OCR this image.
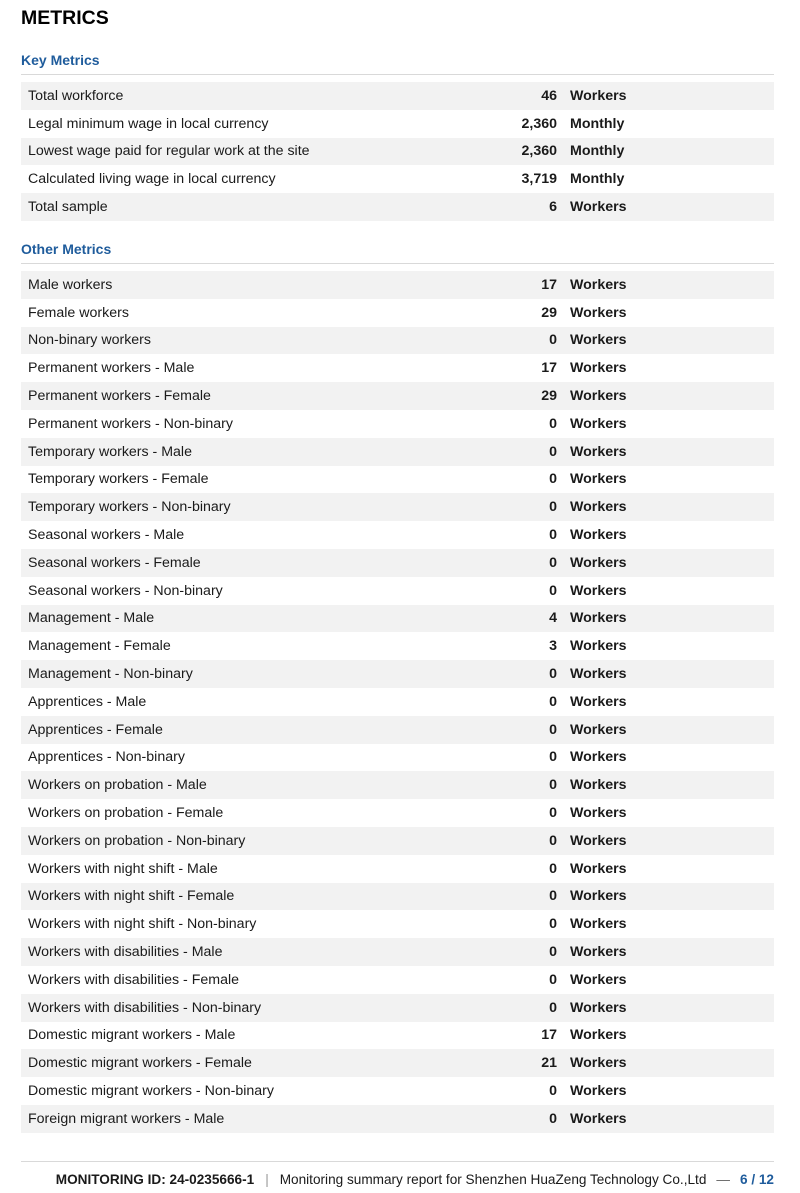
METRICS
Key Metrics
Total workforce	46 Workers
Legal minimum wage in local currency	2,360 Monthly
Lowest wage paid for regular work at the site	2,360 Monthly
Calculated living wage in local currency	3,719 Monthly
Total sample	6 Workers
Other Metrics
Male workers	17 Workers
Female workers	29 Workers
Non-binary workers	0 Workers
Permanent workers - Male	17 Workers
Permanent workers - Female	29 Workers
Permanent workers - Non-binary	0 Workers
Temporary workers - Male	0 Workers
Temporary workers - Female	0 Workers
Temporary workers - Non-binary	0 Workers
Seasonal workers - Male	0 Workers
Seasonal workers - Female	0 Workers
Seasonal workers - Non-binary	0 Workers
Management - Male	4 Workers
Management - Female	3 Workers
Management - Non-binary	0 Workers
Apprentices - Male	0 Workers
Apprentices - Female	0 Workers
Apprentices - Non-binary	0 Workers
Workers on probation - Male	0 Workers
Workers on probation - Female	0 Workers
Workers on probation - Non-binary	0 Workers
Workers with night shift - Male	0 Workers
Workers with night shift - Female	0 Workers
Workers with night shift - Non-binary	0 Workers
Workers with disabilities - Male	0 Workers
Workers with disabilities - Female	0 Workers
Workers with disabilities - Non-binary	0 Workers
Domestic migrant workers - Male	17 Workers
Domestic migrant workers - Female	21 Workers
Domestic migrant workers - Non-binary	0 Workers
Foreign migrant workers - Male	0 Workers
MONITORING ID: 24-0235666-1 | Monitoring summary report for Shenzhen HuaZeng Technology Co.,Ltd — 6 / 12
